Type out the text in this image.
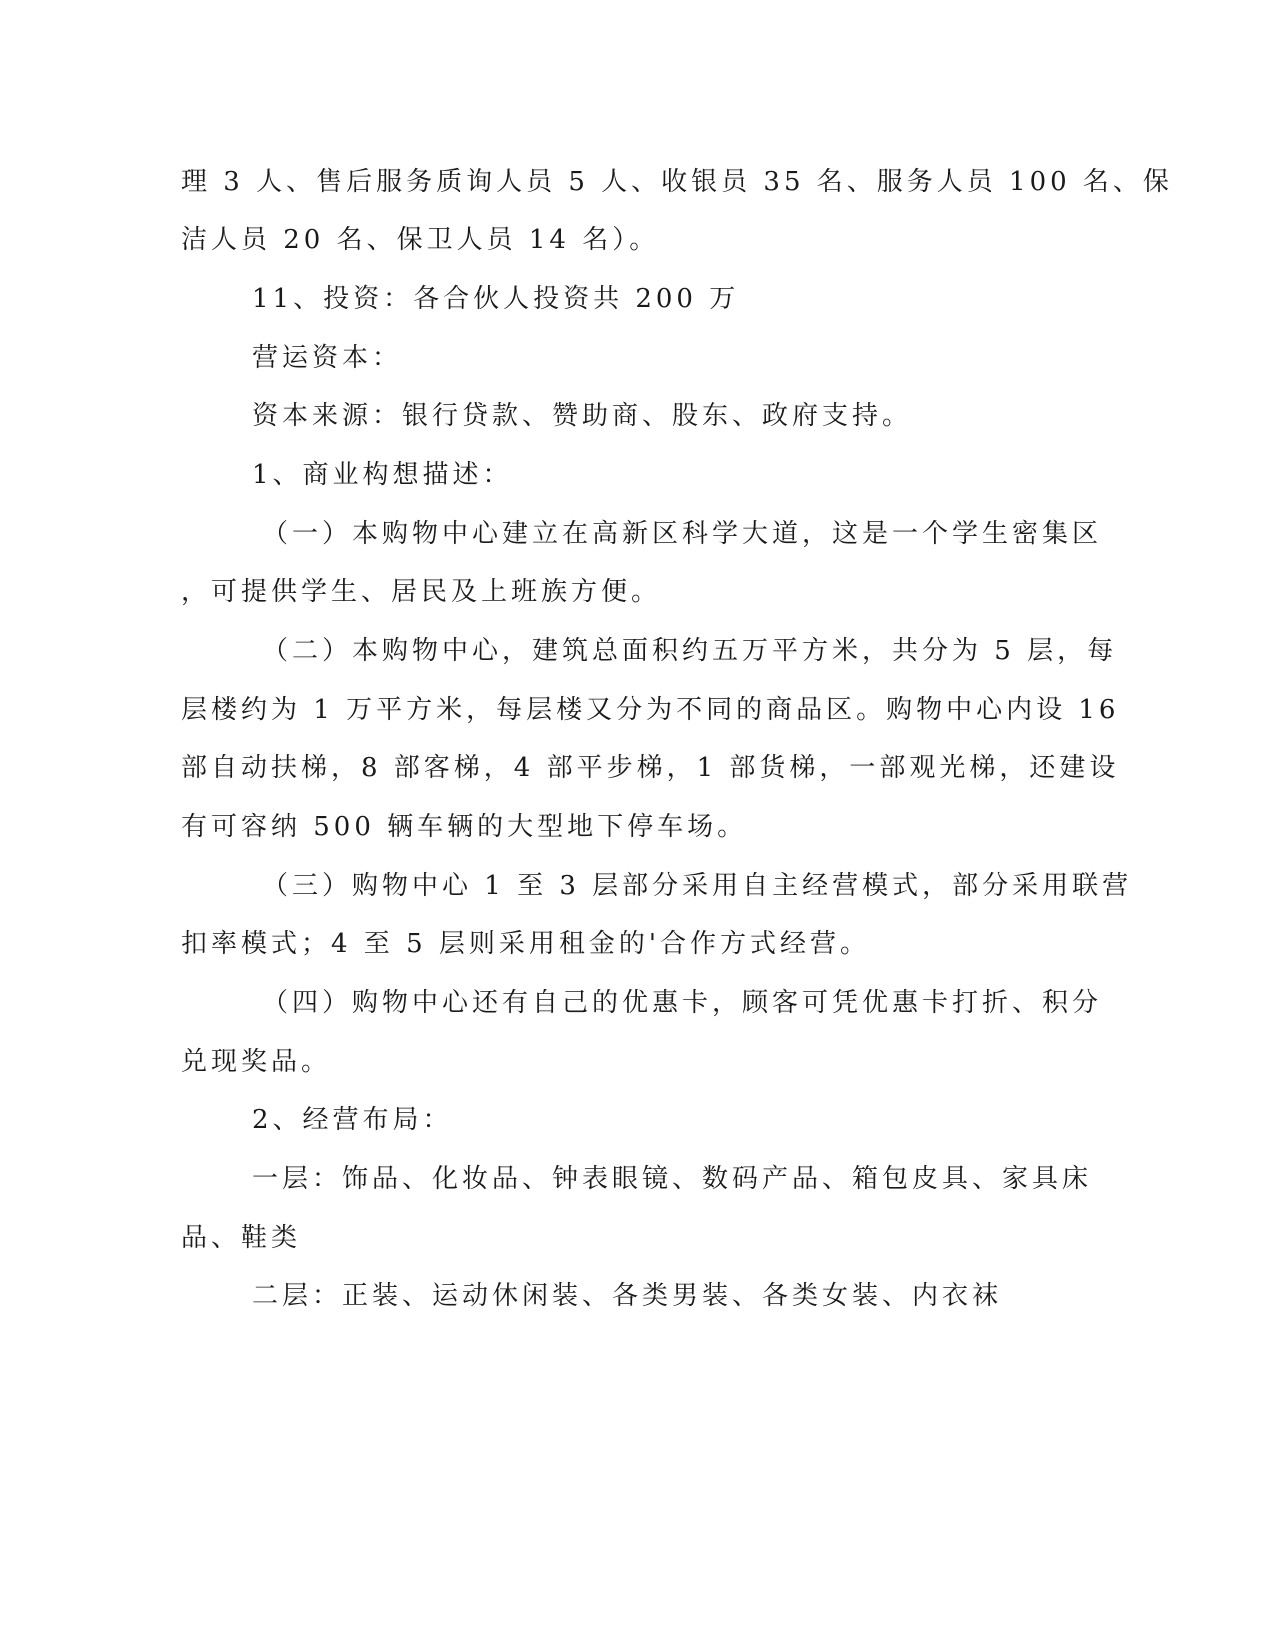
理 3 人、售后服务质询人员 5 人、收银员 35 名、服务人员 100 名、保
洁人员 20 名、保卫人员 14 名）。
11、投资：各合伙人投资共 200 万
营运资本：
资本来源：银行贷款、赞助商、股东、政府支持。
1、商业构想描述：
（一）本购物中心建立在高新区科学大道，这是一个学生密集区
，可提供学生、居民及上班族方便。
（二）本购物中心，建筑总面积约五万平方米，共分为 5 层，每
层楼约为 1 万平方米，每层楼又分为不同的商品区。购物中心内设 16
部自动扶梯，8 部客梯，4 部平步梯，1 部货梯，一部观光梯，还建设
有可容纳 500 辆车辆的大型地下停车场。
（三）购物中心 1 至 3 层部分采用自主经营模式，部分采用联营
扣率模式；4 至 5 层则采用租金的'合作方式经营。
（四）购物中心还有自己的优惠卡，顾客可凭优惠卡打折、积分
兑现奖品。
2、经营布局：
一层：饰品、化妆品、钟表眼镜、数码产品、箱包皮具、家具床
品、鞋类
二层：正装、运动休闲装、各类男装、各类女装、内衣袜
